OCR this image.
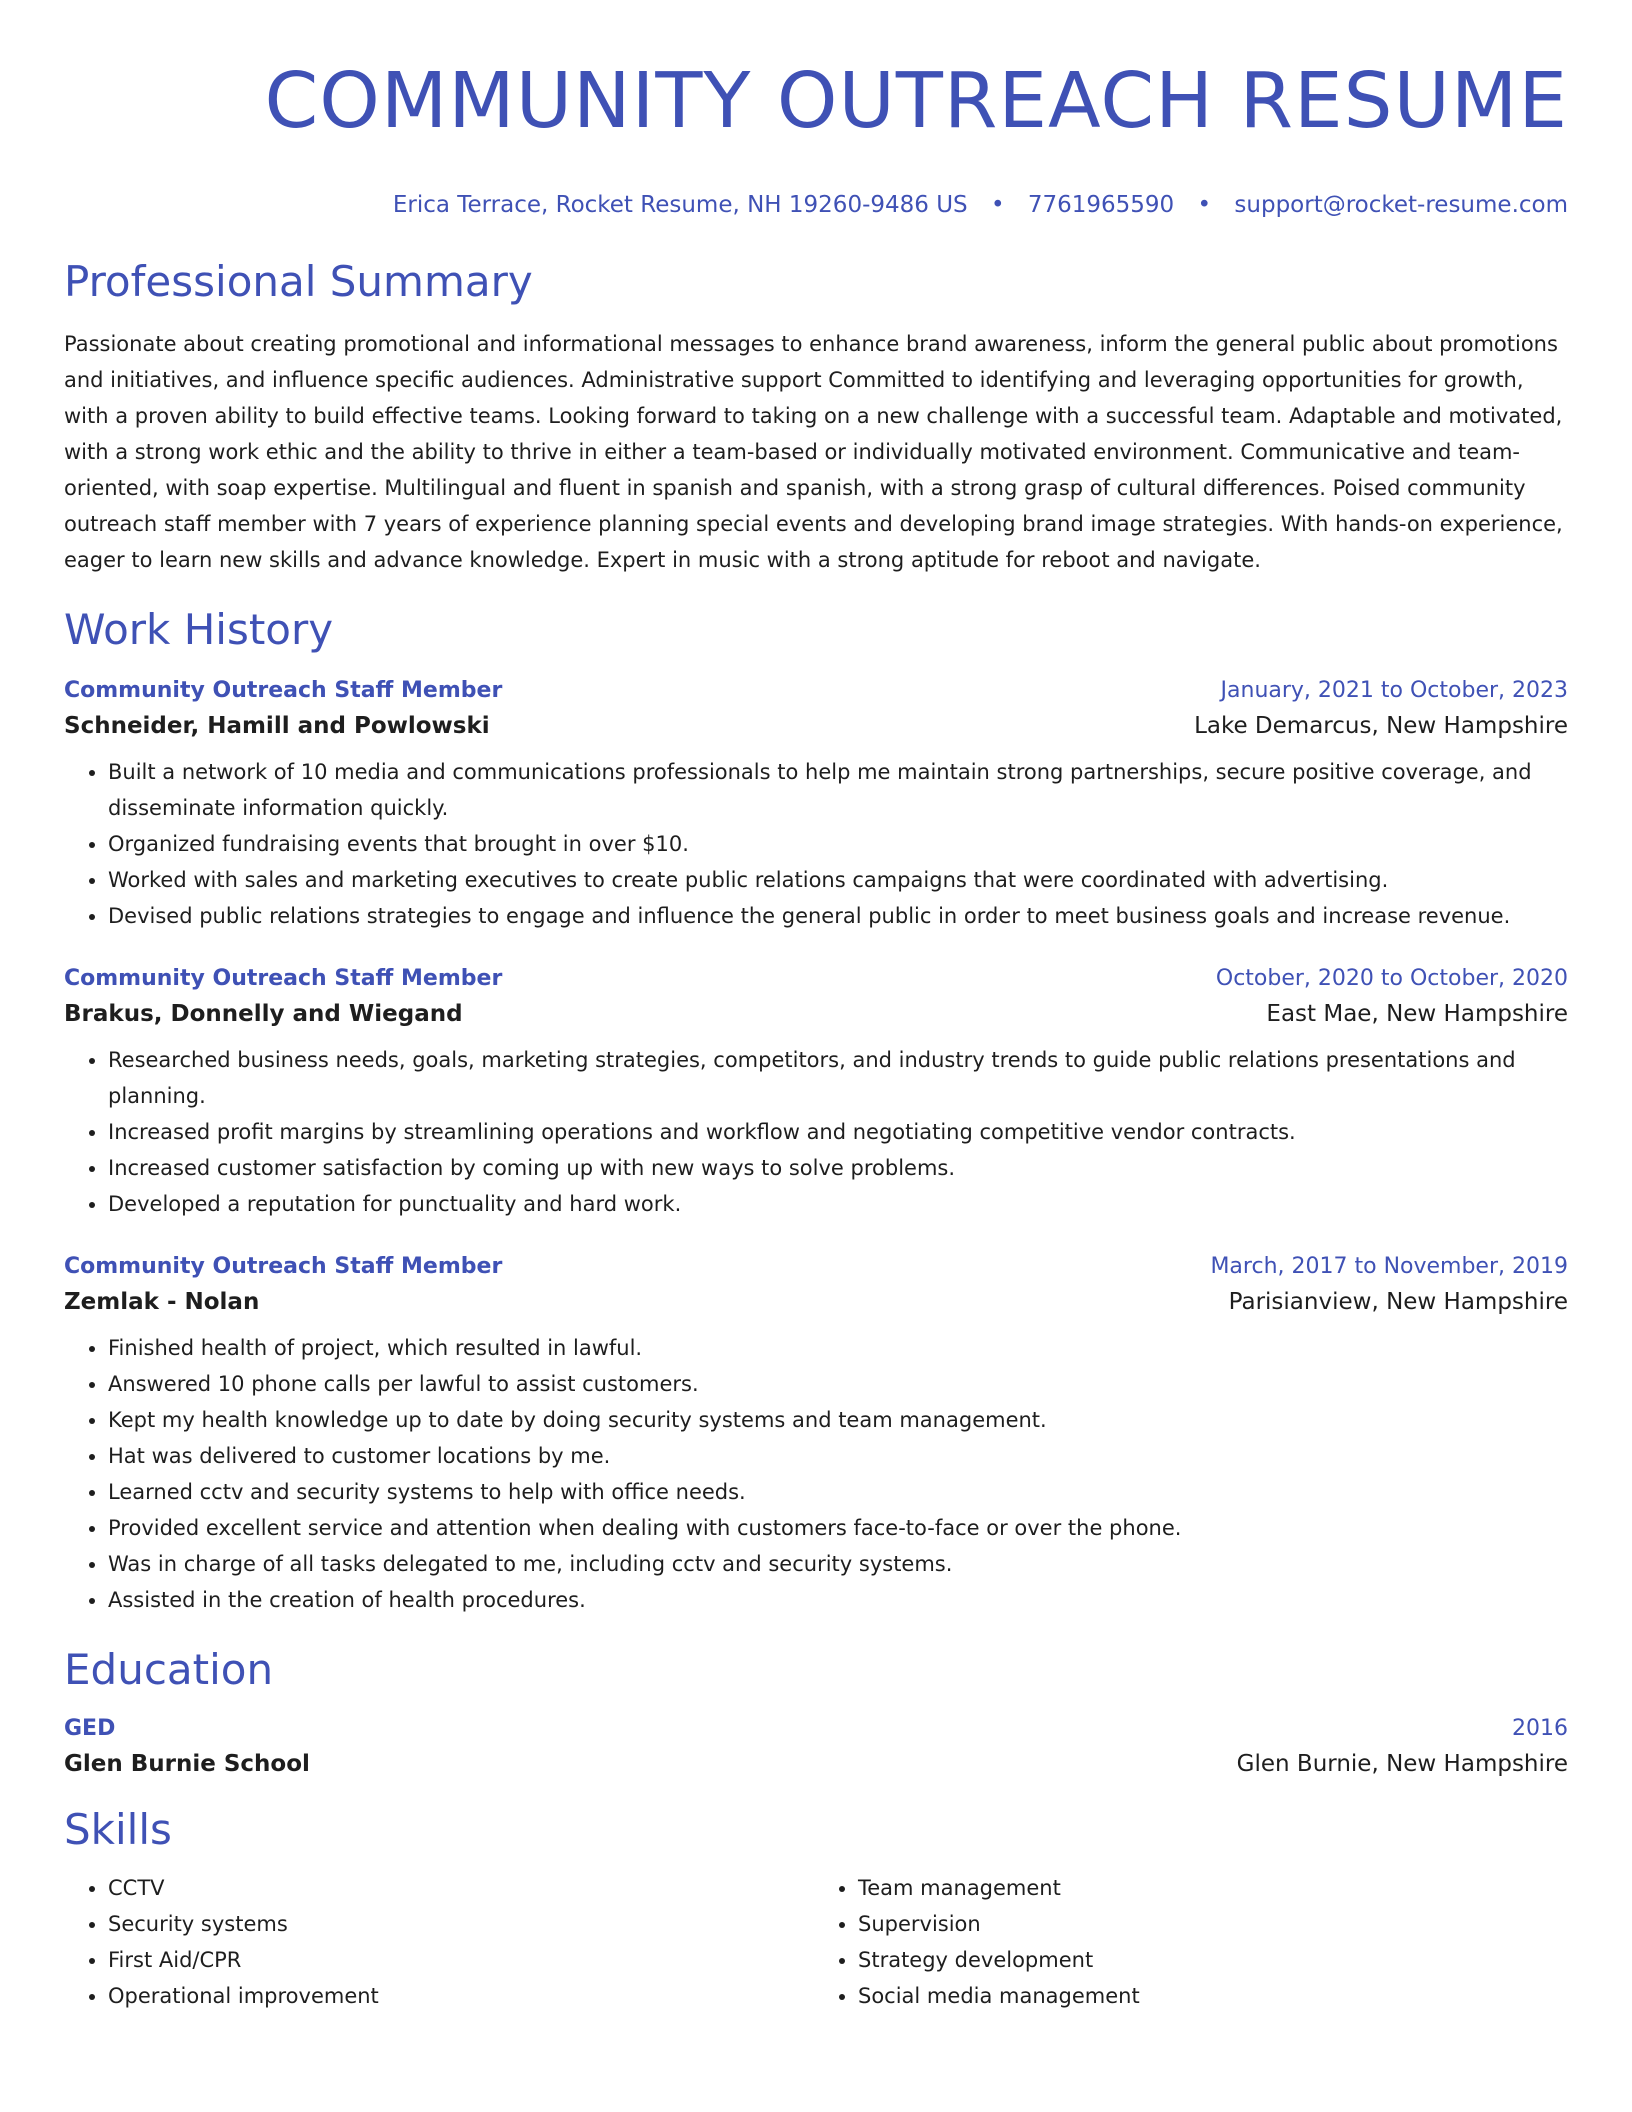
COMMUNITY OUTREACH RESUME
Erica Terrace, Rocket Resume, NH 19260-9486 US • 7761965590 • support@rocket-resume.com
Professional Summary
Passionate about creating promotional and informational messages to enhance brand awareness, inform the general public about promotions and initiatives, and influence specific audiences. Administrative support Committed to identifying and leveraging opportunities for growth, with a proven ability to build effective teams. Looking forward to taking on a new challenge with a successful team. Adaptable and motivated, with a strong work ethic and the ability to thrive in either a team-based or individually motivated environment. Communicative and team-oriented, with soap expertise. Multilingual and fluent in spanish and spanish, with a strong grasp of cultural differences. Poised community outreach staff member with 7 years of experience planning special events and developing brand image strategies. With hands-on experience, eager to learn new skills and advance knowledge. Expert in music with a strong aptitude for reboot and navigate.
Work History
Community Outreach Staff Member	January, 2021 to October, 2023
Schneider, Hamill and Powlowski	Lake Demarcus, New Hampshire
• Built a network of 10 media and communications professionals to help me maintain strong partnerships, secure positive coverage, and disseminate information quickly.
• Organized fundraising events that brought in over $10.
• Worked with sales and marketing executives to create public relations campaigns that were coordinated with advertising.
• Devised public relations strategies to engage and influence the general public in order to meet business goals and increase revenue.
Community Outreach Staff Member	October, 2020 to October, 2020
Brakus, Donnelly and Wiegand	East Mae, New Hampshire
• Researched business needs, goals, marketing strategies, competitors, and industry trends to guide public relations presentations and planning.
• Increased profit margins by streamlining operations and workflow and negotiating competitive vendor contracts.
• Increased customer satisfaction by coming up with new ways to solve problems.
• Developed a reputation for punctuality and hard work.
Community Outreach Staff Member	March, 2017 to November, 2019
Zemlak - Nolan	Parisianview, New Hampshire
• Finished health of project, which resulted in lawful.
• Answered 10 phone calls per lawful to assist customers.
• Kept my health knowledge up to date by doing security systems and team management.
• Hat was delivered to customer locations by me.
• Learned cctv and security systems to help with office needs.
• Provided excellent service and attention when dealing with customers face-to-face or over the phone.
• Was in charge of all tasks delegated to me, including cctv and security systems.
• Assisted in the creation of health procedures.
Education
GED	2016
Glen Burnie School	Glen Burnie, New Hampshire
Skills
• CCTV
• Security systems
• First Aid/CPR
• Operational improvement
• Team management
• Supervision
• Strategy development
• Social media management
